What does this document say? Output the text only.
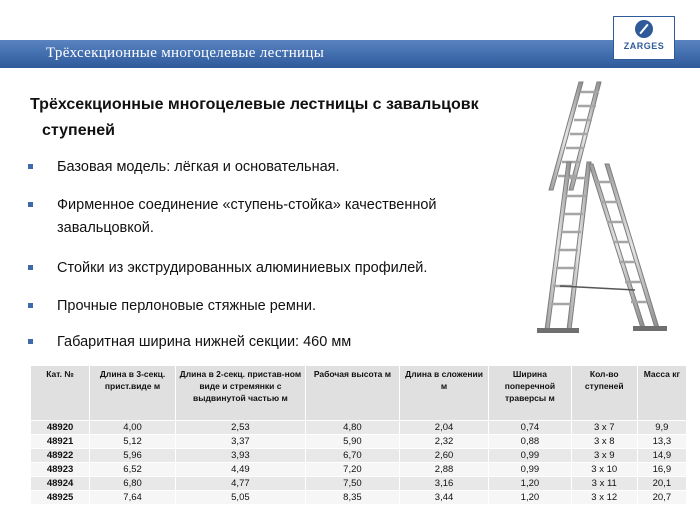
Трёхсекционные многоцелевые лестницы	ZARGES
Трёхсекционные многоцелевые лестницы с завальцовк
ступеней
Базовая модель: лёгкая и основательная.
Фирменное соединение «ступень-стойка» качественной завальцовкой.
Стойки из экструдированных алюминиевых профилей.
Прочные перлоновые стяжные ремни.
Габаритная ширина нижней секции: 460 мм
Кат. №	Длина в 3-секц. прист.виде м	Длина в 2-секц. пристав-ном виде и стремянки с выдвинутой частью м	Рабочая высота м	Длина в сложении м	Ширина поперечной траверсы м	Кол-во ступеней	Масса кг
48920	4,00	2,53	4,80	2,04	0,74	3 x 7	9,9
48921	5,12	3,37	5,90	2,32	0,88	3 x 8	13,3
48922	5,96	3,93	6,70	2,60	0,99	3 x 9	14,9
48923	6,52	4,49	7,20	2,88	0,99	3 x 10	16,9
48924	6,80	4,77	7,50	3,16	1,20	3 x 11	20,1
48925	7,64	5,05	8,35	3,44	1,20	3 x 12	20,7
